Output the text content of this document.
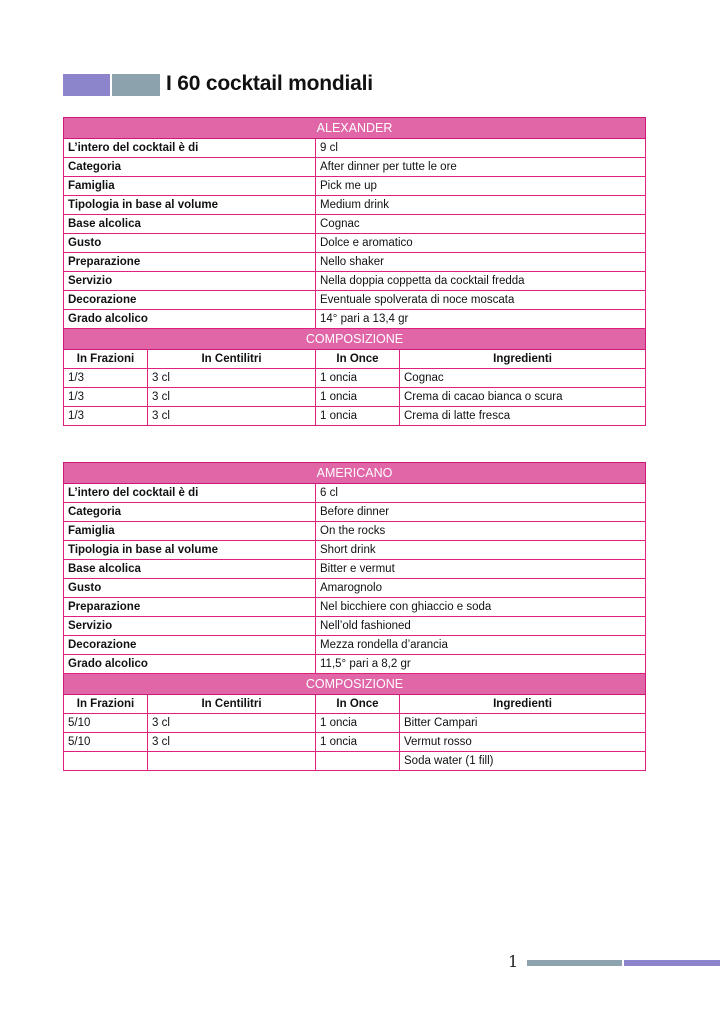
I 60 cocktail mondiali
ALEXANDER			
L’intero del cocktail è di		9 cl	
Categoria		After dinner per tutte le ore	
Famiglia		Pick me up	
Tipologia in base al volume		Medium drink	
Base alcolica		Cognac	
Gusto		Dolce e aromatico	
Preparazione		Nello shaker	
Servizio		Nella doppia coppetta da cocktail fredda	
Decorazione		Eventuale spolverata di noce moscata	
Grado alcolico		14° pari a 13,4 gr	
COMPOSIZIONE			
In Frazioni	In Centilitri	In Once	Ingredienti
1/3	3 cl	1 oncia	Cognac
1/3	3 cl	1 oncia	Crema di cacao bianca o scura
1/3	3 cl	1 oncia	Crema di latte fresca
AMERICANO			
L’intero del cocktail è di		6 cl	
Categoria		Before dinner	
Famiglia		On the rocks	
Tipologia in base al volume		Short drink	
Base alcolica		Bitter e vermut	
Gusto		Amarognolo	
Preparazione		Nel bicchiere con ghiaccio e soda	
Servizio		Nell’old fashioned	
Decorazione		Mezza rondella d’arancia	
Grado alcolico		11,5° pari a 8,2 gr	
COMPOSIZIONE			
In Frazioni	In Centilitri	In Once	Ingredienti
5/10	3 cl	1 oncia	Bitter Campari
5/10	3 cl	1 oncia	Vermut rosso
			Soda water (1 fill)
1
